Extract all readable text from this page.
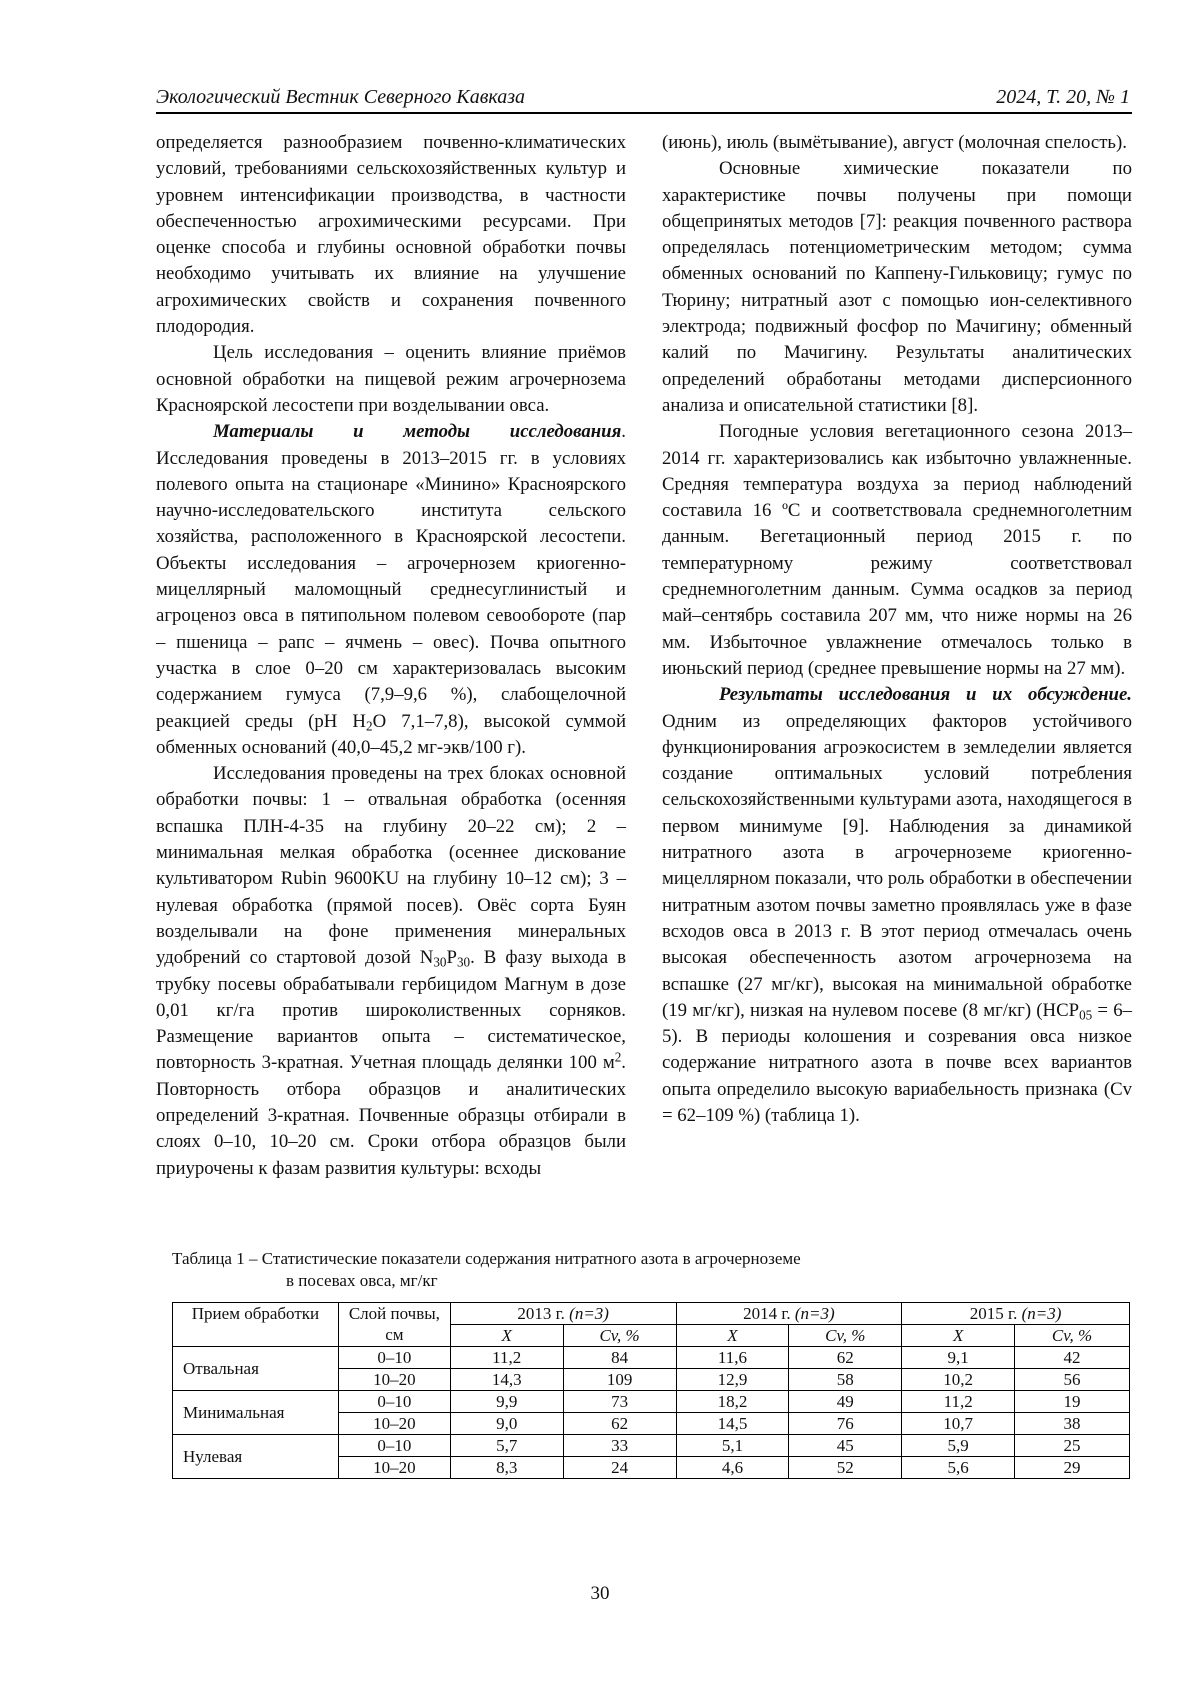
Экологический Вестник Северного Кавказа	2024, Т. 20, № 1

определяется разнообразием почвенно-климатических условий, требованиями сельскохозяйственных культур и уровнем интенсификации производства, в частности обеспеченностью агрохимическими ресурсами. При оценке способа и глубины основной обработки почвы необходимо учитывать их влияние на улучшение агрохимических свойств и сохранения почвенного плодородия.

Цель исследования – оценить влияние приёмов основной обработки на пищевой режим агрочернозема Красноярской лесостепи при возделывании овса.

Материалы и методы исследования. Исследования проведены в 2013–2015 гг. в условиях полевого опыта на стационаре «Минино» Красноярского научно-исследовательского института сельского хозяйства, расположенного в Красноярской лесостепи. Объекты исследования – агрочернозем криогенно-мицеллярный маломощный среднесуглинистый и агроценоз овса в пятипольном полевом севообороте (пар – пшеница – рапс – ячмень – овес). Почва опытного участка в слое 0–20 см характеризовалась высоким содержанием гумуса (7,9–9,6 %), слабощелочной реакцией среды (pH $H_2O$ 7,1–7,8), высокой суммой обменных оснований (40,0–45,2 мг-экв/100 г).

Исследования проведены на трех блоках основной обработки почвы: 1 – отвальная обработка (осенняя вспашка ПЛН-4-35 на глубину 20–22 см); 2 – минимальная мелкая обработка (осеннее дискование культиватором Rubin 9600KU на глубину 10–12 см); 3 – нулевая обработка (прямой посев). Овёс сорта Буян возделывали на фоне применения минеральных удобрений со стартовой дозой $N_{30}P_{30}$. В фазу выхода в трубку посевы обрабатывали гербицидом Магнум в дозе 0,01 кг/га против широколиственных сорняков. Размещение вариантов опыта – систематическое, повторность 3-кратная. Учетная площадь делянки 100 $м^2$. Повторность отбора образцов и аналитических определений 3-кратная. Почвенные образцы отбирали в слоях 0–10, 10–20 см. Сроки отбора образцов были приурочены к фазам развития культуры: всходы

(июнь), июль (вымётывание), август (молочная спелость).

Основные химические показатели по характеристике почвы получены при помощи общепринятых методов [7]: реакция почвенного раствора определялась потенциометрическим методом; сумма обменных оснований по Каппену-Гильковицу; гумус по Тюрину; нитратный азот с помощью ион-селективного электрода; подвижный фосфор по Мачигину; обменный калий по Мачигину. Результаты аналитических определений обработаны методами дисперсионного анализа и описательной статистики [8].

Погодные условия вегетационного сезона 2013–2014 гг. характеризовались как избыточно увлажненные. Средняя температура воздуха за период наблюдений составила 16 ºС и соответствовала среднемноголетним данным. Вегетационный период 2015 г. по температурному режиму соответствовал среднемноголетним данным. Сумма осадков за период май–сентябрь составила 207 мм, что ниже нормы на 26 мм. Избыточное увлажнение отмечалось только в июньский период (среднее превышение нормы на 27 мм).

Результаты исследования и их обсуждение. Одним из определяющих факторов устойчивого функционирования агроэкосистем в земледелии является создание оптимальных условий потребления сельскохозяйственными культурами азота, находящегося в первом минимуме [9]. Наблюдения за динамикой нитратного азота в агрочерноземе криогенно-мицеллярном показали, что роль обработки в обеспечении нитратным азотом почвы заметно проявлялась уже в фазе всходов овса в 2013 г. В этот период отмечалась очень высокая обеспеченность азотом агрочернозема на вспашке (27 мг/кг), высокая на минимальной обработке (19 мг/кг), низкая на нулевом посеве (8 мг/кг) $(НСР_{05} = 6-5)$. В периоды колошения и созревания овса низкое содержание нитратного азота в почве всех вариантов опыта определило высокую вариабельность признака (Cv = 62–109 %) (таблица 1).

Таблица 1 – Статистические показатели содержания нитратного азота в агрочерноземе
в посевах овса, мг/кг
Прием обработки	Слой почвы, см	2013 г. (n=3)		2014 г. (n=3)		2015 г. (n=3)	
		X	Cv, %	X	Cv, %	X	Cv, %
Отвальная	0–10	11,2	84	11,6	62	9,1	42
	10–20	14,3	109	12,9	58	10,2	56
Минимальная	0–10	9,9	73	18,2	49	11,2	19
	10–20	9,0	62	14,5	76	10,7	38
Нулевая	0–10	5,7	33	5,1	45	5,9	25
	10–20	8,3	24	4,6	52	5,6	29
30
